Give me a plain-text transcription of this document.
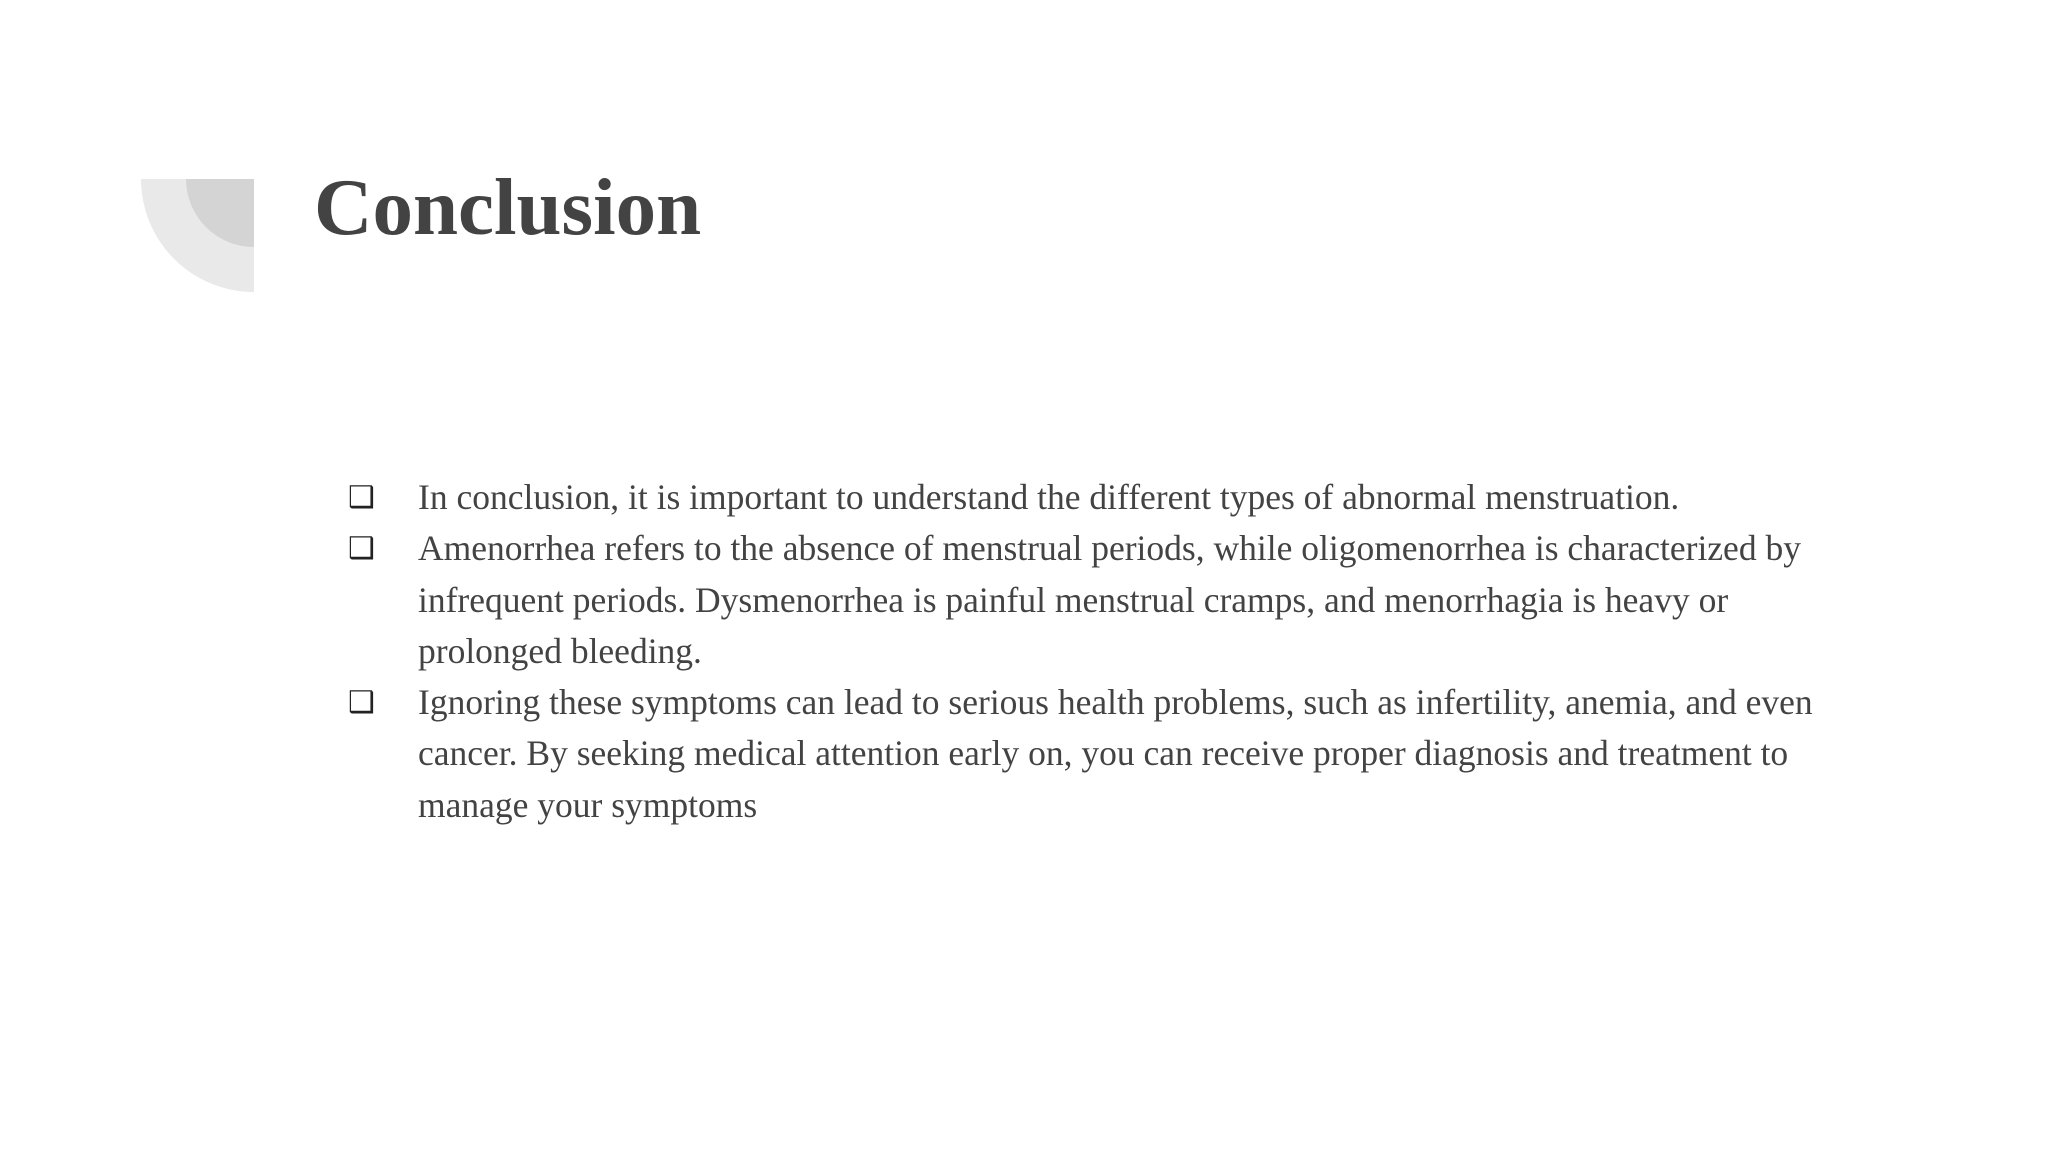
Conclusion
❑ In conclusion, it is important to understand the different types of abnormal menstruation.
❑ Amenorrhea refers to the absence of menstrual periods, while oligomenorrhea is characterized by infrequent periods. Dysmenorrhea is painful menstrual cramps, and menorrhagia is heavy or prolonged bleeding.
❑ Ignoring these symptoms can lead to serious health problems, such as infertility, anemia, and even cancer. By seeking medical attention early on, you can receive proper diagnosis and treatment to manage your symptoms
